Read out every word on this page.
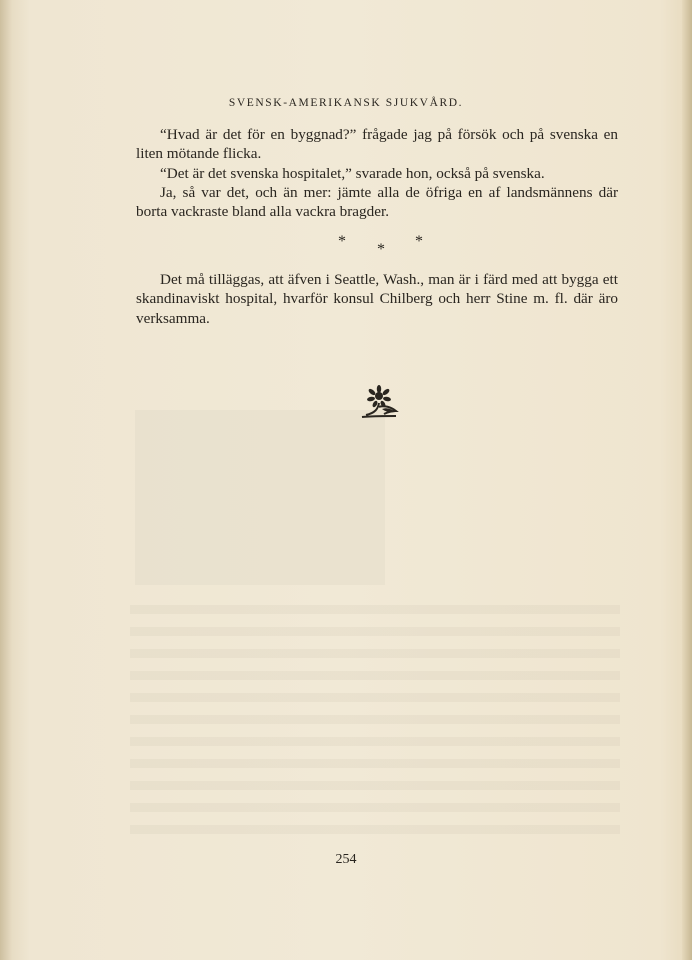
SVENSK-AMERIKANSK SJUKVÅRD.

“Hvad är det för en byggnad?” frågade jag på försök och på svenska en liten mötande flicka.

“Det är det svenska hospitalet,” svarade hon, också på svenska.

Ja, så var det, och än mer: jämte alla de öfriga en af landsmännens där borta vackraste bland alla vackra bragder.

* * *

Det må tilläggas, att äfven i Seattle, Wash., man är i färd med att bygga ett skandinaviskt hospital, hvarför konsul Chilberg och herr Stine m. fl. där äro verksamma.

254
